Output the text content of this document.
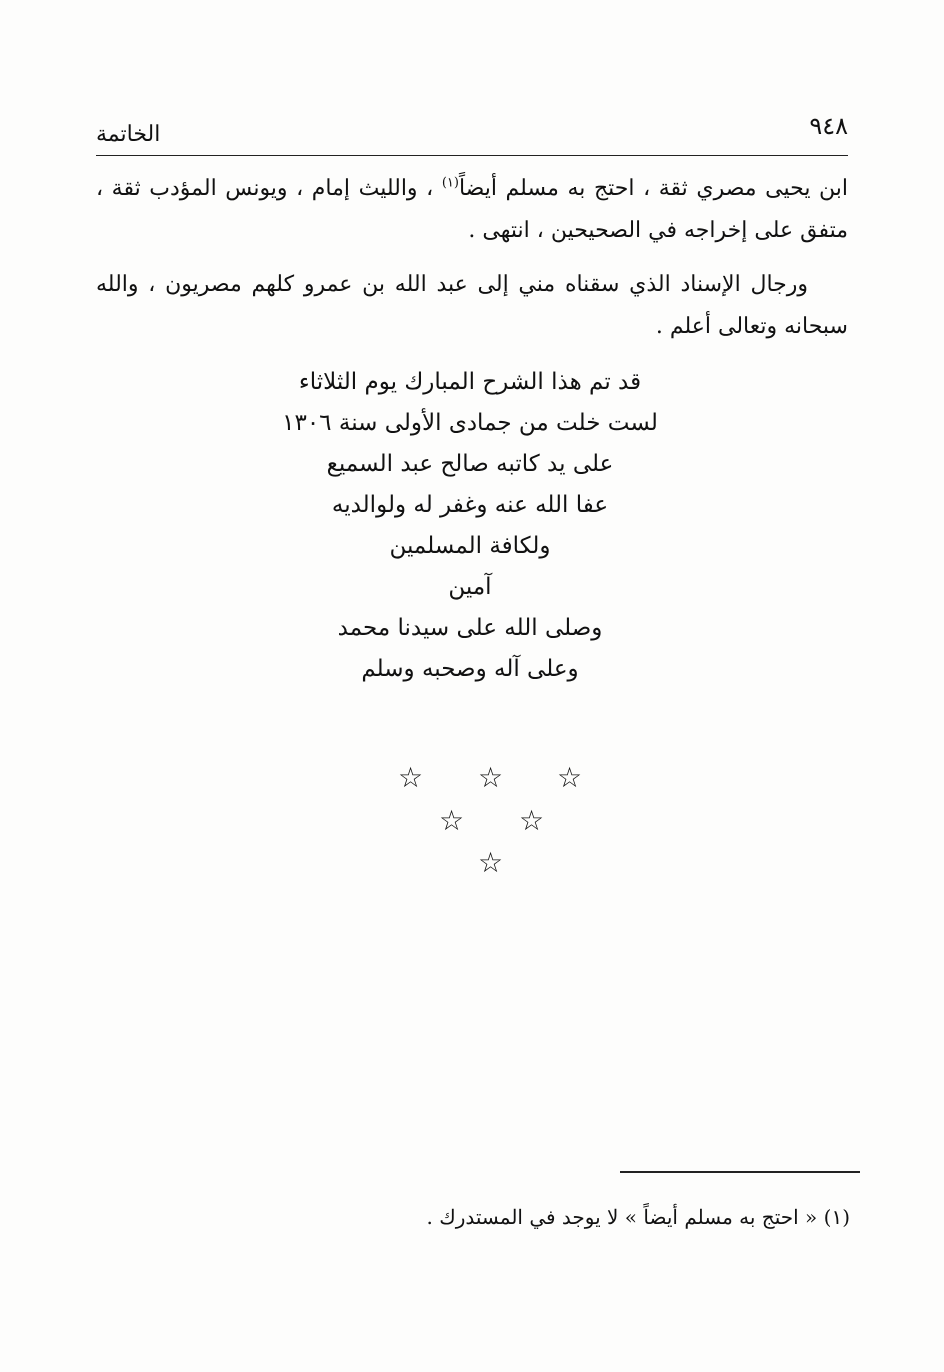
٩٤٨
الخاتمة

ابن يحيى مصري ثقة ، احتج به مسلم أيضاً$^{(١)}$ ، والليث إمام ، ويونس المؤدب ثقة ، متفق على إخراجه في الصحيحين ، انتهى .

ورجال الإسناد الذي سقناه مني إلى عبد الله بن عمرو كلهم مصريون ، والله سبحانه وتعالى أعلم .

قد تم هذا الشرح المبارك يوم الثلاثاء
لست خلت من جمادى الأولى سنة ١٣٠٦
على يد كاتبه صالح عبد السميع
عفا الله عنه وغفر له ولوالديه
ولكافة المسلمين
آمين
وصلى الله على سيدنا محمد
وعلى آله وصحبه وسلم
☆ ☆ ☆
☆ ☆
☆
(١) « احتج به مسلم أيضاً » لا يوجد في المستدرك .
